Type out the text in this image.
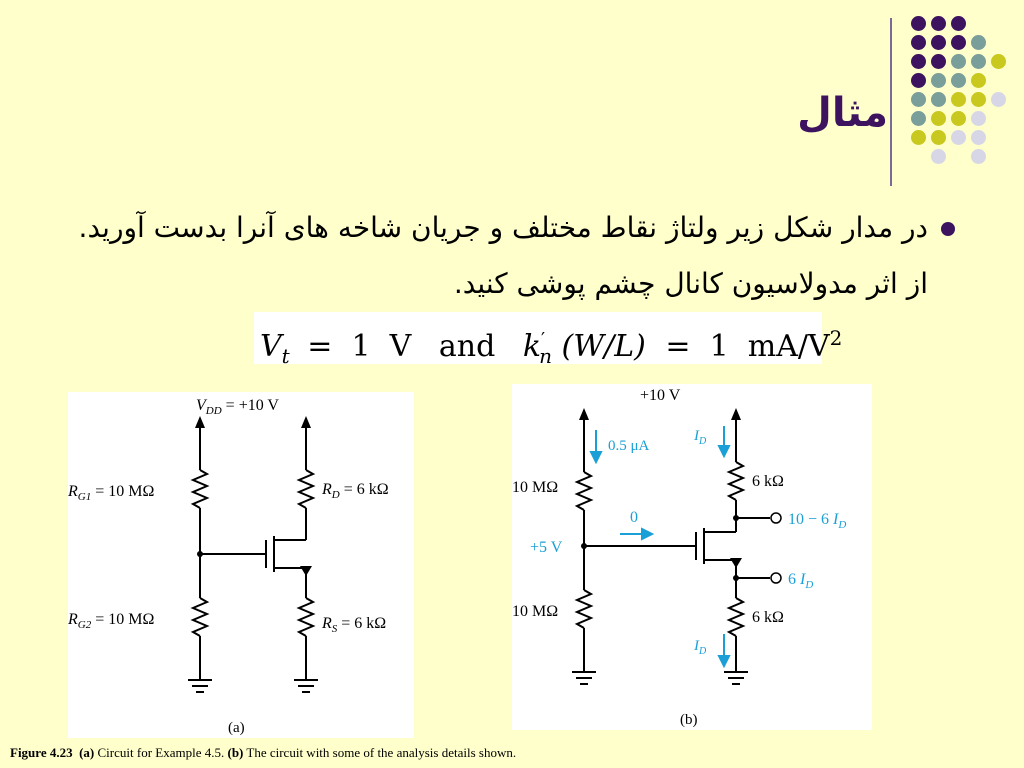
مثال

در مدار شکل زیر ولتاژ نقاط مختلف و جریان شاخه های آنرا بدست آورید. از اثر مدولاسیون کانال چشم پوشی کنید.

$V_t = 1$  V and $k'_n$ (W/L) =  1  $mA/V^2$
$V_{DD} = +10$ V
$R_{G1} = 10$ MΩ
$R_{G2} = 10$ MΩ
$R_D = 6$ kΩ
$R_S = 6$ kΩ
(a)
+10 V
0.5 μA
10 MΩ
10 MΩ
+5 V
0
$I_D$
$I_D$
6 kΩ
6 kΩ
10 − 6 $I_D$
6 $I_D$
(b)

Figure 4.23 (a) Circuit for Example 4.5. (b) The circuit with some of the analysis details shown.
